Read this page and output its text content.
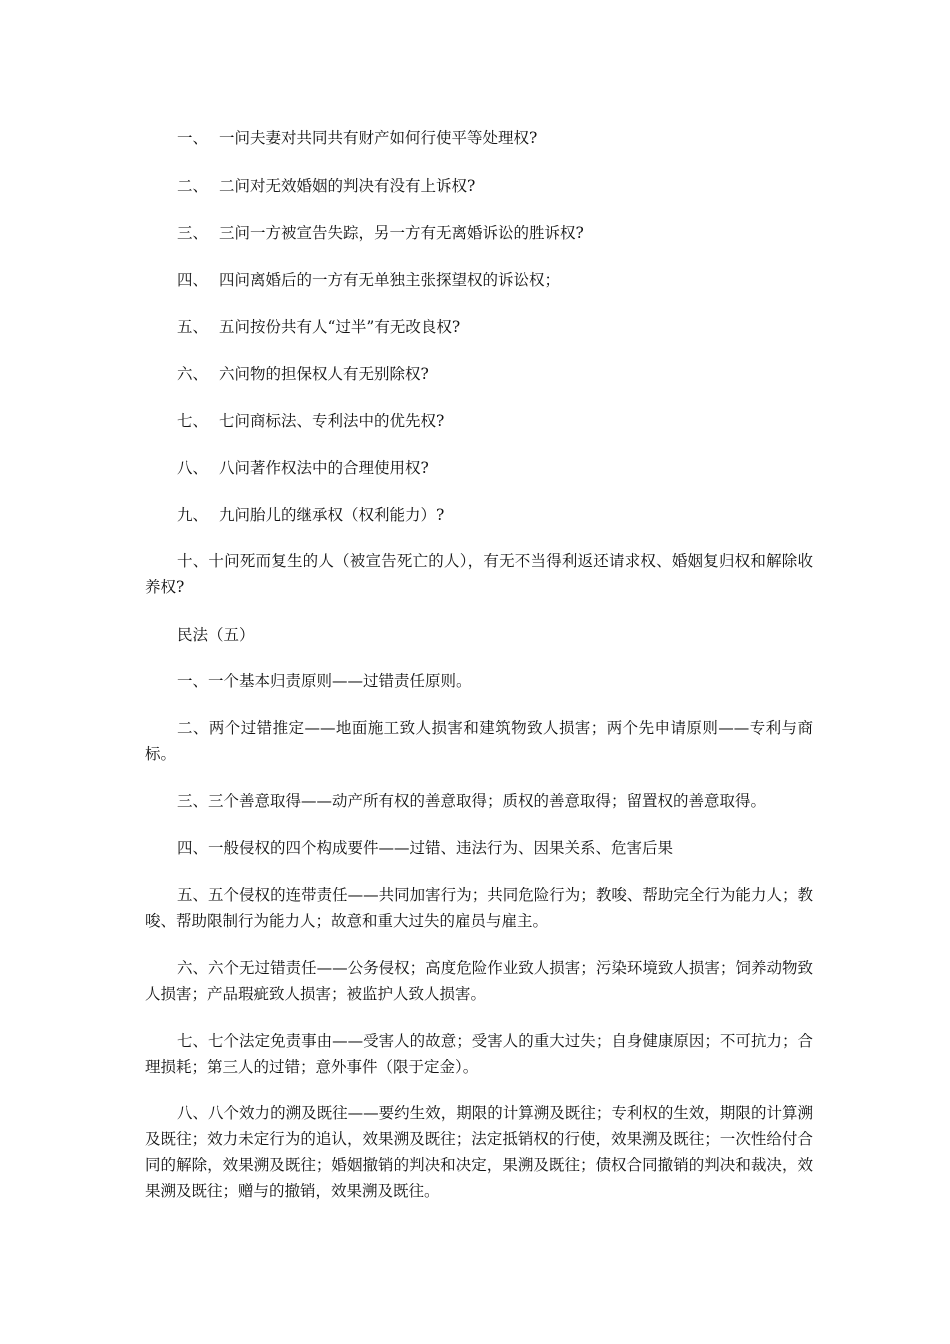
一、 一问夫妻对共同共有财产如何行使平等处理权?
二、 二问对无效婚姻的判决有没有上诉权?
三、 三问一方被宣告失踪，另一方有无离婚诉讼的胜诉权?
四、 四问离婚后的一方有无单独主张探望权的诉讼权；
五、 五问按份共有人“过半”有无改良权?
六、 六问物的担保权人有无别除权?
七、 七问商标法、专利法中的优先权?
八、 八问著作权法中的合理使用权?
九、 九问胎儿的继承权（权利能力）?
十、十问死而复生的人（被宣告死亡的人），有无不当得利返还请求权、婚姻复归权和解除收养权?
民法（五）
一、一个基本归责原则——过错责任原则。
二、两个过错推定——地面施工致人损害和建筑物致人损害；两个先申请原则——专利与商标。
三、三个善意取得——动产所有权的善意取得；质权的善意取得；留置权的善意取得。
四、一般侵权的四个构成要件——过错、违法行为、因果关系、危害后果
五、五个侵权的连带责任——共同加害行为；共同危险行为；教唆、帮助完全行为能力人；教唆、帮助限制行为能力人；故意和重大过失的雇员与雇主。
六、六个无过错责任——公务侵权；高度危险作业致人损害；污染环境致人损害；饲养动物致人损害；产品瑕疵致人损害；被监护人致人损害。
七、七个法定免责事由——受害人的故意；受害人的重大过失；自身健康原因；不可抗力；合理损耗；第三人的过错；意外事件（限于定金）。
八、八个效力的溯及既往——要约生效，期限的计算溯及既往；专利权的生效，期限的计算溯及既往；效力未定行为的追认，效果溯及既往；法定抵销权的行使，效果溯及既往；一次性给付合同的解除，效果溯及既往；婚姻撤销的判决和决定，果溯及既往；债权合同撤销的判决和裁决，效果溯及既往；赠与的撤销，效果溯及既往。
